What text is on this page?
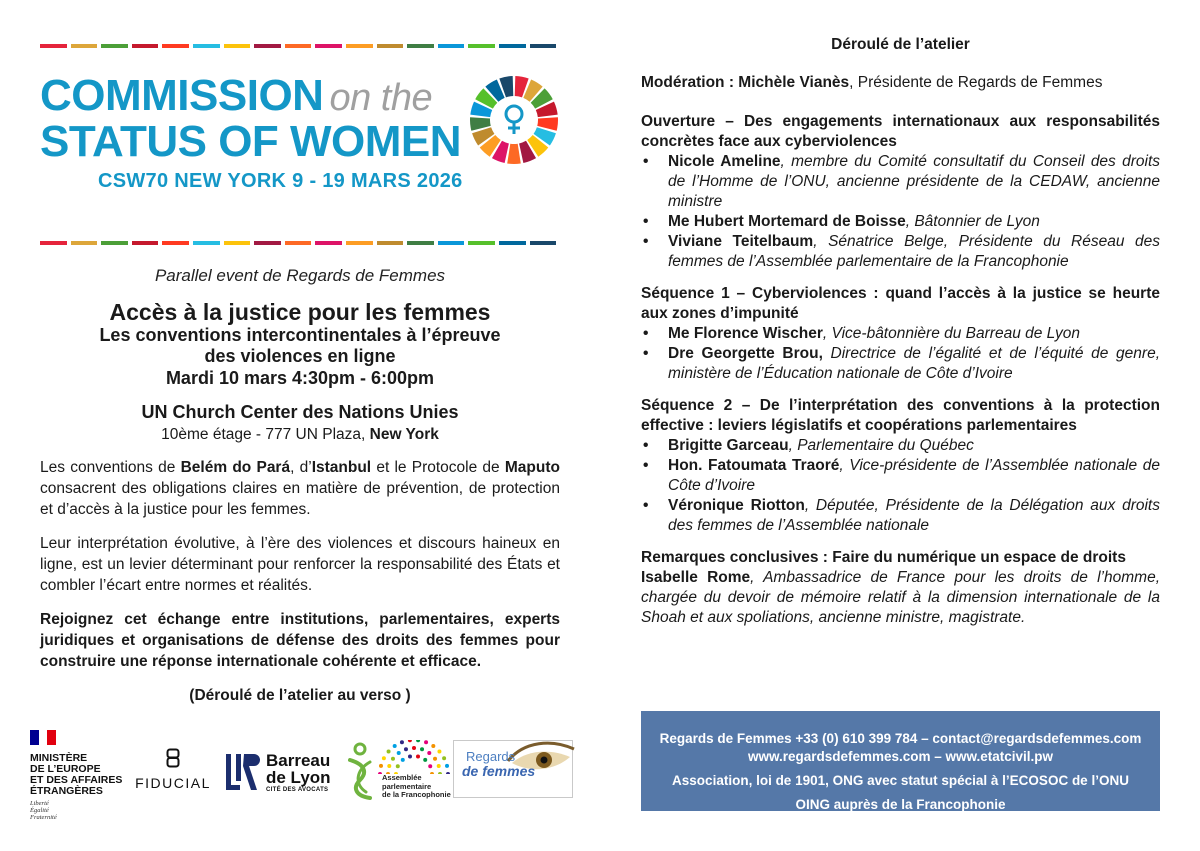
COMMISSION on the
STATUS OF WOMEN
CSW70 NEW YORK 9 - 19 MARS 2026
Parallel event de Regards de Femmes
Accès à la justice pour les femmes
Les conventions intercontinentales à l’épreuve
des violences en ligne
Mardi 10 mars 4:30pm - 6:00pm
UN Church Center des Nations Unies
10ème étage - 777 UN Plaza, New York

Les conventions de Belém do Pará, d’Istanbul et le Protocole de Maputo consacrent des obligations claires en matière de prévention, de protection et d’accès à la justice pour les femmes.

Leur interprétation évolutive, à l’ère des violences et discours haineux en ligne, est un levier déterminant pour renforcer la responsabilité des États et combler l’écart entre normes et réalités.

Rejoignez cet échange entre institutions, parlementaires, experts juridiques et organisations de défense des droits des femmes pour construire une réponse internationale cohérente et efficace.

(Déroulé de l’atelier au verso )
MINISTÈRE
DE L’EUROPE
ET DES AFFAIRES
ÉTRANGÈRES
Liberté
Égalité
Fraternité
FIDUCIAL
Barreau
de Lyon
CITÉ DES AVOCATS
Assemblée
parlementaire
de la Francophonie
Regards
de femmes
Déroulé de l’atelier
Modération : Michèle Vianès, Présidente de Regards de Femmes
Ouverture – Des engagements internationaux aux responsabilités concrètes face aux cyberviolences
• Nicole Ameline, membre du Comité consultatif du Conseil des droits de l’Homme de l’ONU, ancienne présidente de la CEDAW, ancienne ministre
• Me Hubert Mortemard de Boisse, Bâtonnier de Lyon
• Viviane Teitelbaum, Sénatrice Belge, Présidente du Réseau des femmes de l’Assemblée parlementaire de la Francophonie
Séquence 1 – Cyberviolences : quand l’accès à la justice se heurte aux zones d’impunité
• Me Florence Wischer, Vice-bâtonnière du Barreau de Lyon
• Dre Georgette Brou, Directrice de l’égalité et de l’équité de genre, ministère de l’Éducation nationale de Côte d’Ivoire
Séquence 2 – De l’interprétation des conventions à la protection effective : leviers législatifs et coopérations parlementaires
• Brigitte Garceau, Parlementaire du Québec
• Hon. Fatoumata Traoré, Vice-présidente de l’Assemblée nationale de Côte d’Ivoire
• Véronique Riotton, Députée, Présidente de la Délégation aux droits des femmes de l’Assemblée nationale
Remarques conclusives : Faire du numérique un espace de droits
Isabelle Rome, Ambassadrice de France pour les droits de l’homme, chargée du devoir de mémoire relatif à la dimension internationale de la Shoah et aux spoliations, ancienne ministre, magistrate.
Regards de Femmes +33 (0) 610 399 784 – contact@regardsdefemmes.com
www.regardsdefemmes.com – www.etatcivil.pw
Association, loi de 1901, ONG avec statut spécial à l’ECOSOC de l’ONU
OING auprès de la Francophonie
